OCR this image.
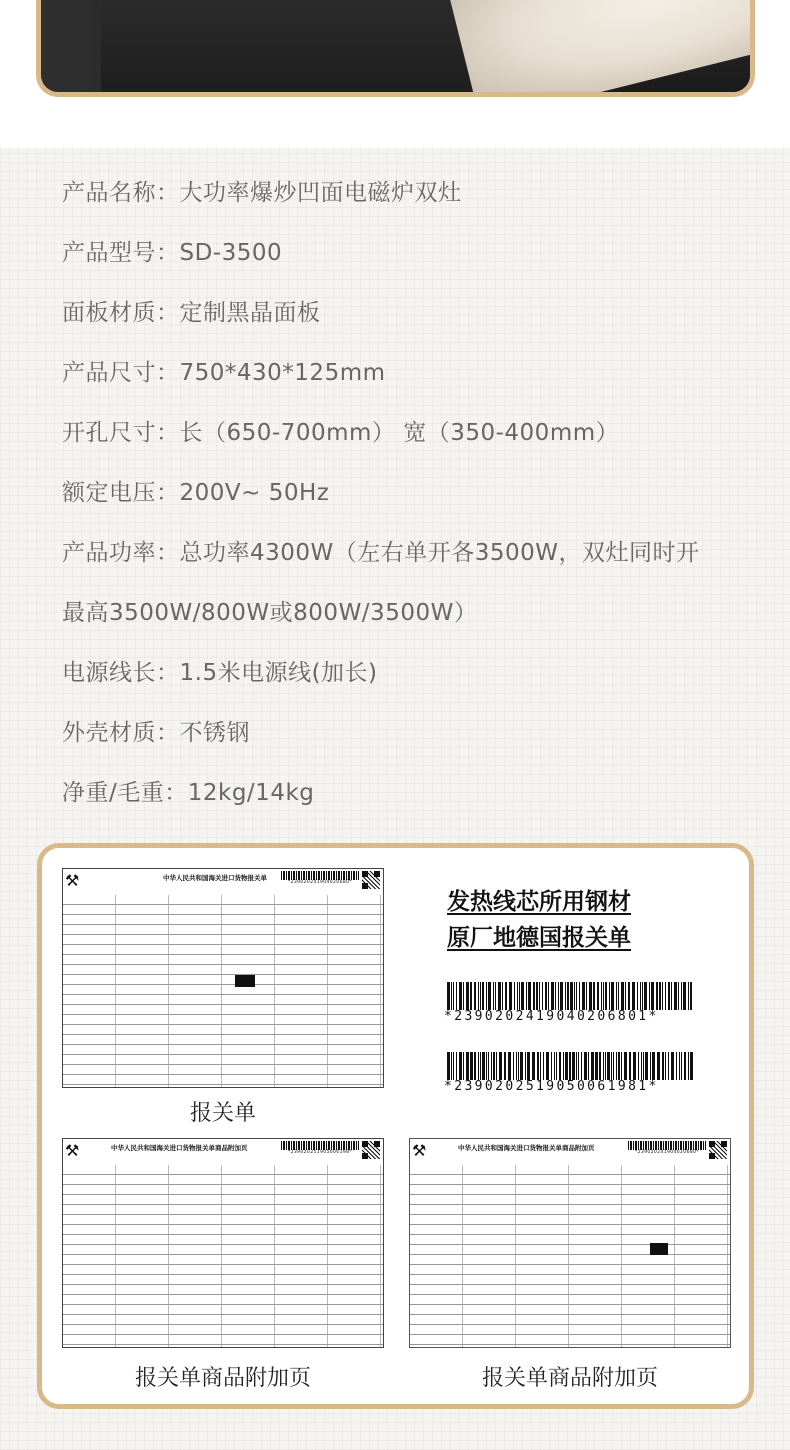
产品名称：大功率爆炒凹面电磁炉双灶
产品型号：SD-3500
面板材质：定制黑晶面板
产品尺寸：750*430*125mm
开孔尺寸：长（650-700mm） 宽（350-400mm）
额定电压：200V~ 50Hz
产品功率：总功率4300W（左右单开各3500W，双灶同时开
最高3500W/800W或800W/3500W）
电源线长：1.5米电源线(加长)
外壳材质：不锈钢
净重/毛重：12kg/14kg
⚒	中华人民共和国海关进口货物报关单
*239020241904020680*
报关单
发热线芯所用钢材
原厂地德国报关单
*2390202419040206801*
*2390202519050061981*
⚒	中华人民共和国海关进口货物报关单商品附加页
*239020251905006198*
报关单商品附加页
⚒	中华人民共和国海关进口货物报关单商品附加页
*239020241904020680*
报关单商品附加页
